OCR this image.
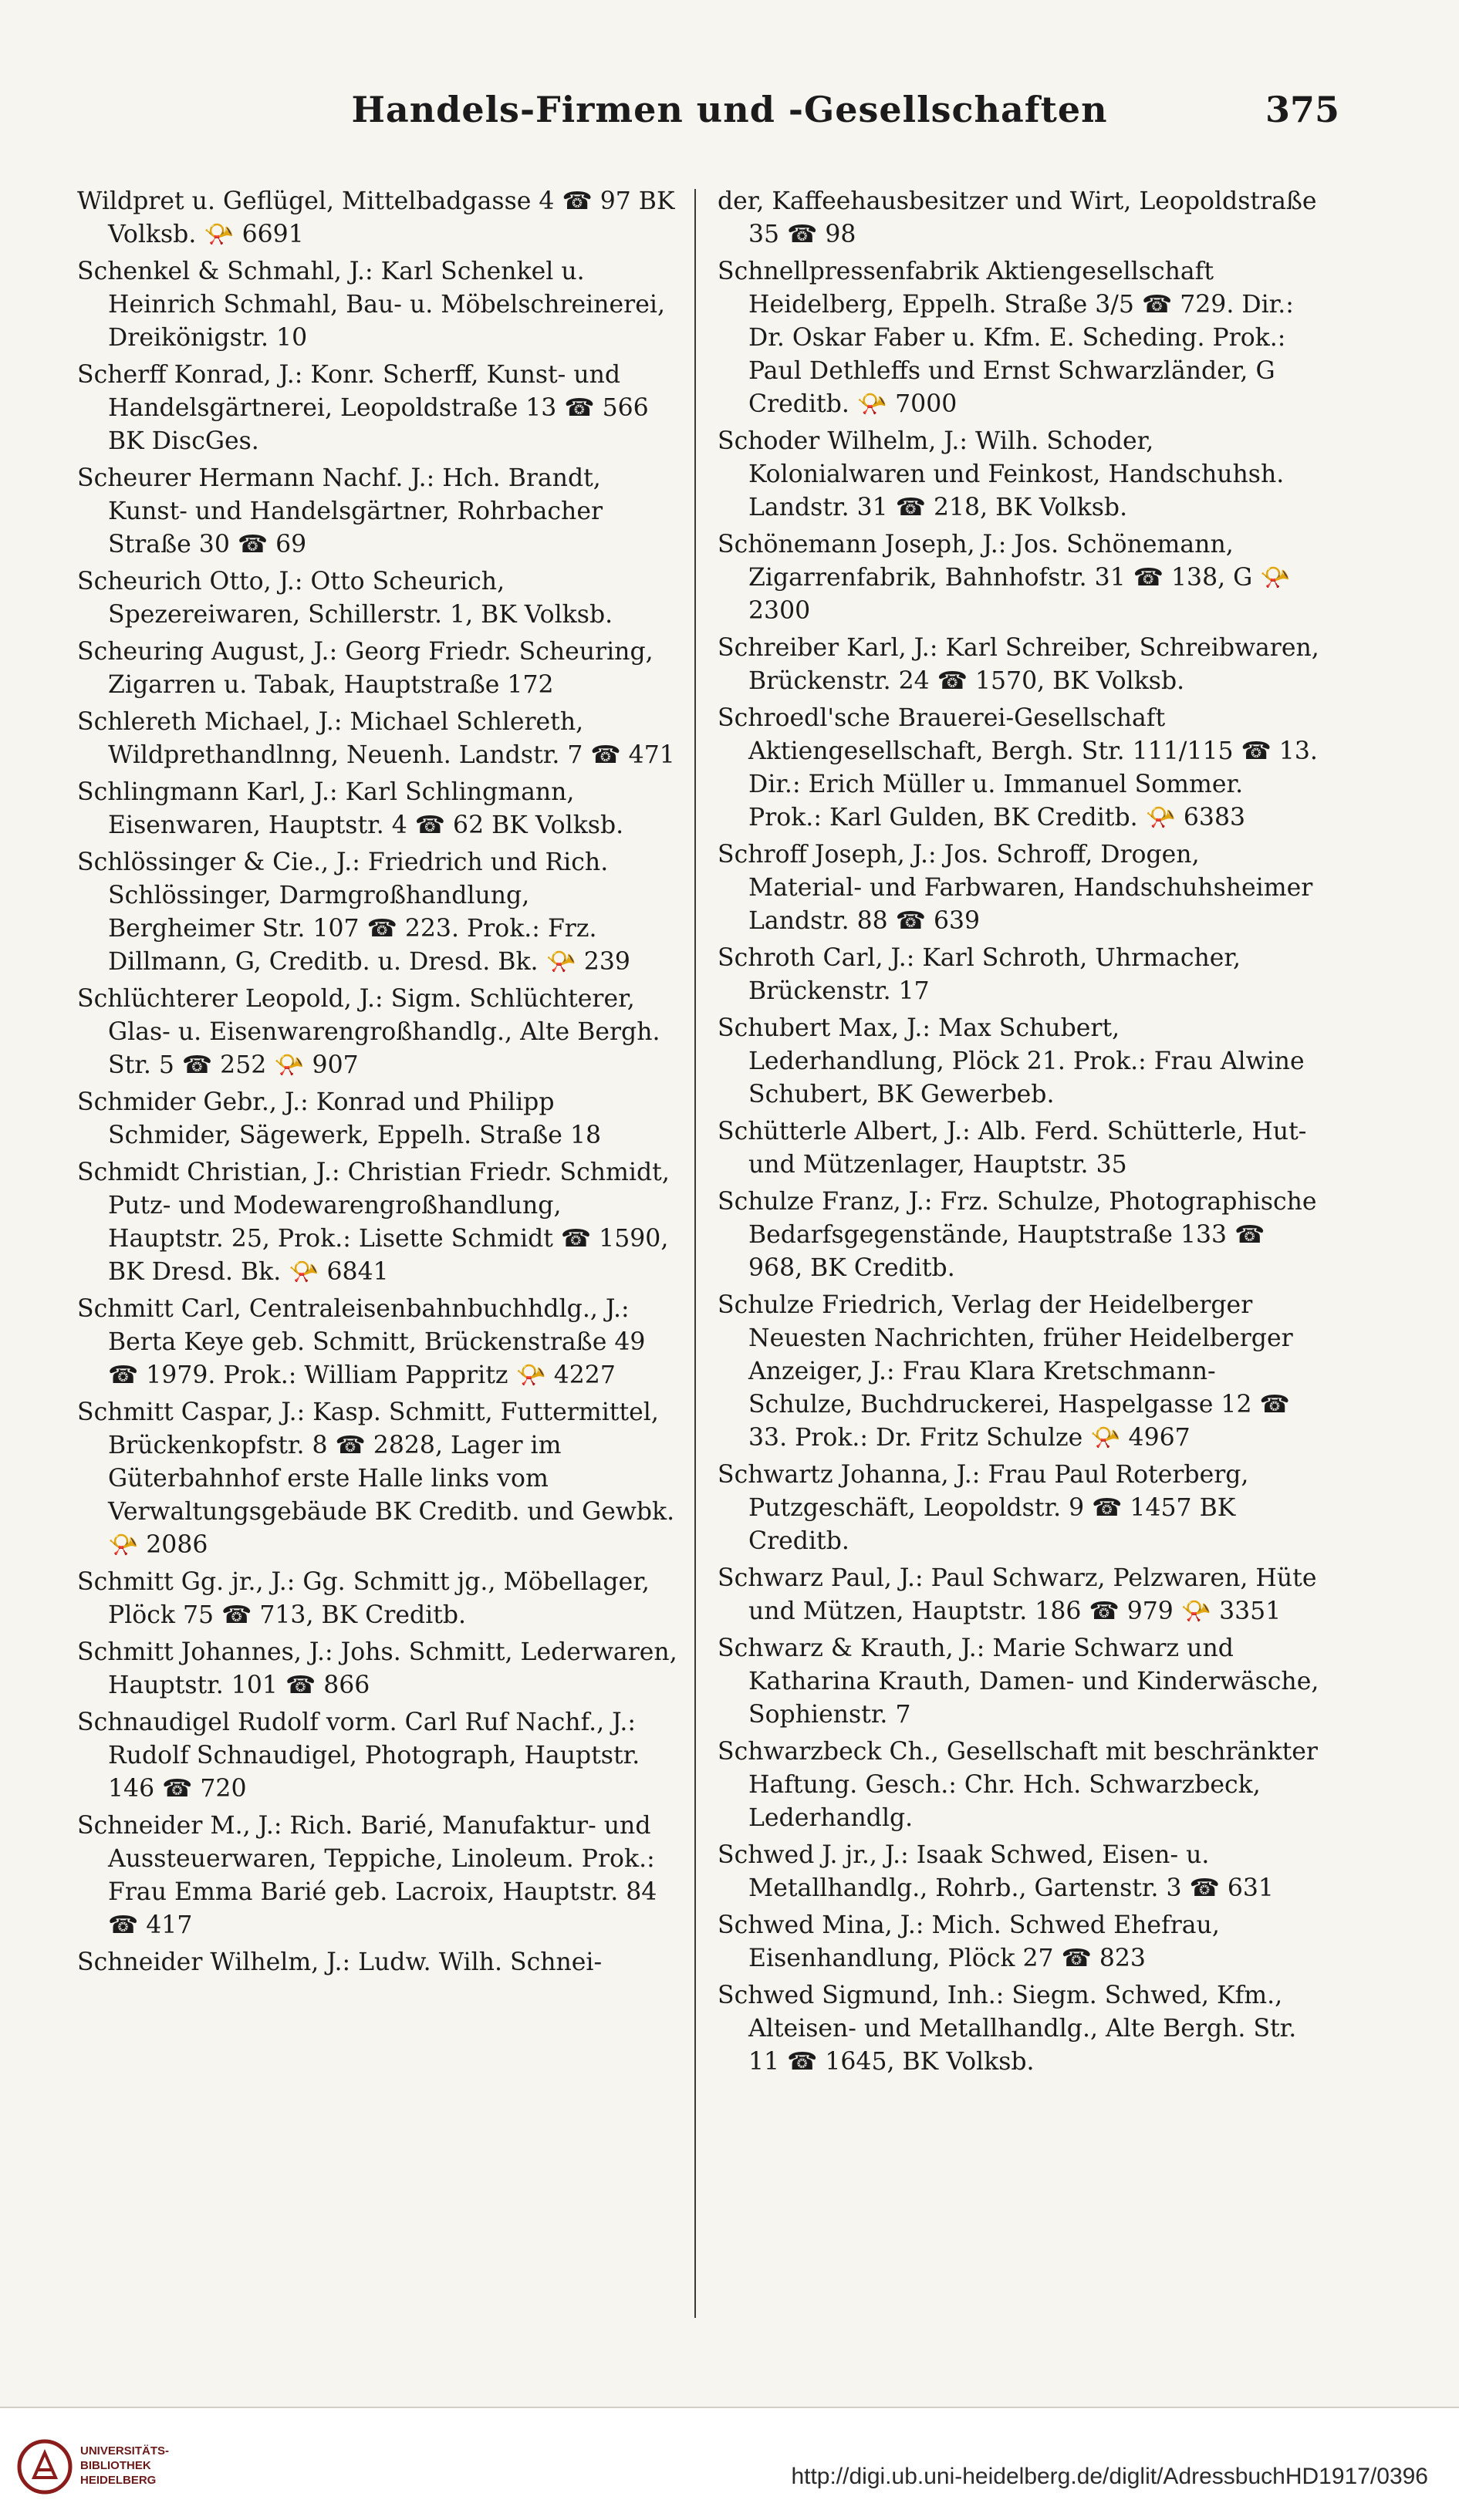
Handels-Firmen und -Gesellschaften	375

Wildpret u. Geflügel, Mittelbadgasse 4 ☎ 97 BK Volksb. 📯 6691

Schenkel & Schmahl, J.: Karl Schenkel u. Heinrich Schmahl, Bau- u. Möbelschreinerei, Dreikönigstr. 10

Scherff Konrad, J.: Konr. Scherff, Kunst- und Handelsgärtnerei, Leopoldstraße 13 ☎ 566 BK DiscGes.

Scheurer Hermann Nachf. J.: Hch. Brandt, Kunst- und Handelsgärtner, Rohrbacher Straße 30 ☎ 69

Scheurich Otto, J.: Otto Scheurich, Spezereiwaren, Schillerstr. 1, BK Volksb.

Scheuring August, J.: Georg Friedr. Scheuring, Zigarren u. Tabak, Hauptstraße 172

Schlereth Michael, J.: Michael Schlereth, Wildprethandlnng, Neuenh. Landstr. 7 ☎ 471

Schlingmann Karl, J.: Karl Schlingmann, Eisenwaren, Hauptstr. 4 ☎ 62 BK Volksb.

Schlössinger & Cie., J.: Friedrich und Rich. Schlössinger, Darmgroßhandlung, Bergheimer Str. 107 ☎ 223. Prok.: Frz. Dillmann, G, Creditb. u. Dresd. Bk. 📯 239

Schlüchterer Leopold, J.: Sigm. Schlüchterer, Glas- u. Eisenwarengroßhandlg., Alte Bergh. Str. 5 ☎ 252 📯 907

Schmider Gebr., J.: Konrad und Philipp Schmider, Sägewerk, Eppelh. Straße 18

Schmidt Christian, J.: Christian Friedr. Schmidt, Putz- und Modewarengroßhandlung, Hauptstr. 25, Prok.: Lisette Schmidt ☎ 1590, BK Dresd. Bk. 📯 6841

Schmitt Carl, Centraleisenbahnbuchhdlg., J.: Berta Keye geb. Schmitt, Brückenstraße 49 ☎ 1979. Prok.: William Pappritz 📯 4227

Schmitt Caspar, J.: Kasp. Schmitt, Futtermittel, Brückenkopfstr. 8 ☎ 2828, Lager im Güterbahnhof erste Halle links vom Verwaltungsgebäude BK Creditb. und Gewbk. 📯 2086

Schmitt Gg. jr., J.: Gg. Schmitt jg., Möbellager, Plöck 75 ☎ 713, BK Creditb.

Schmitt Johannes, J.: Johs. Schmitt, Lederwaren, Hauptstr. 101 ☎ 866

Schnaudigel Rudolf vorm. Carl Ruf Nachf., J.: Rudolf Schnaudigel, Photograph, Hauptstr. 146 ☎ 720

Schneider M., J.: Rich. Barié, Manufaktur- und Aussteuerwaren, Teppiche, Linoleum. Prok.: Frau Emma Barié geb. Lacroix, Hauptstr. 84 ☎ 417

Schneider Wilhelm, J.: Ludw. Wilh. Schnei-

der, Kaffeehausbesitzer und Wirt, Leopoldstraße 35 ☎ 98

Schnellpressenfabrik Aktiengesellschaft Heidelberg, Eppelh. Straße 3/5 ☎ 729. Dir.: Dr. Oskar Faber u. Kfm. E. Scheding. Prok.: Paul Dethleffs und Ernst Schwarzländer, G Creditb. 📯 7000

Schoder Wilhelm, J.: Wilh. Schoder, Kolonialwaren und Feinkost, Handschuhsh. Landstr. 31 ☎ 218, BK Volksb.

Schönemann Joseph, J.: Jos. Schönemann, Zigarrenfabrik, Bahnhofstr. 31 ☎ 138, G 📯 2300

Schreiber Karl, J.: Karl Schreiber, Schreibwaren, Brückenstr. 24 ☎ 1570, BK Volksb.

Schroedl'sche Brauerei-Gesellschaft Aktiengesellschaft, Bergh. Str. 111/115 ☎ 13. Dir.: Erich Müller u. Immanuel Sommer. Prok.: Karl Gulden, BK Creditb. 📯 6383

Schroff Joseph, J.: Jos. Schroff, Drogen, Material- und Farbwaren, Handschuhsheimer Landstr. 88 ☎ 639

Schroth Carl, J.: Karl Schroth, Uhrmacher, Brückenstr. 17

Schubert Max, J.: Max Schubert, Lederhandlung, Plöck 21. Prok.: Frau Alwine Schubert, BK Gewerbeb.

Schütterle Albert, J.: Alb. Ferd. Schütterle, Hut- und Mützenlager, Hauptstr. 35

Schulze Franz, J.: Frz. Schulze, Photographische Bedarfsgegenstände, Hauptstraße 133 ☎ 968, BK Creditb.

Schulze Friedrich, Verlag der Heidelberger Neuesten Nachrichten, früher Heidelberger Anzeiger, J.: Frau Klara Kretschmann-Schulze, Buchdruckerei, Haspelgasse 12 ☎ 33. Prok.: Dr. Fritz Schulze 📯 4967

Schwartz Johanna, J.: Frau Paul Roterberg, Putzgeschäft, Leopoldstr. 9 ☎ 1457 BK Creditb.

Schwarz Paul, J.: Paul Schwarz, Pelzwaren, Hüte und Mützen, Hauptstr. 186 ☎ 979 📯 3351

Schwarz & Krauth, J.: Marie Schwarz und Katharina Krauth, Damen- und Kinderwäsche, Sophienstr. 7

Schwarzbeck Ch., Gesellschaft mit beschränkter Haftung. Gesch.: Chr. Hch. Schwarzbeck, Lederhandlg.

Schwed J. jr., J.: Isaak Schwed, Eisen- u. Metallhandlg., Rohrb., Gartenstr. 3 ☎ 631

Schwed Mina, J.: Mich. Schwed Ehefrau, Eisenhandlung, Plöck 27 ☎ 823

Schwed Sigmund, Inh.: Siegm. Schwed, Kfm., Alteisen- und Metallhandlg., Alte Bergh. Str. 11 ☎ 1645, BK Volksb.

UNIVERSITÄTS-
BIBLIOTHEK
HEIDELBERG	http://digi.ub.uni-heidelberg.de/diglit/AdressbuchHD1917/0396
